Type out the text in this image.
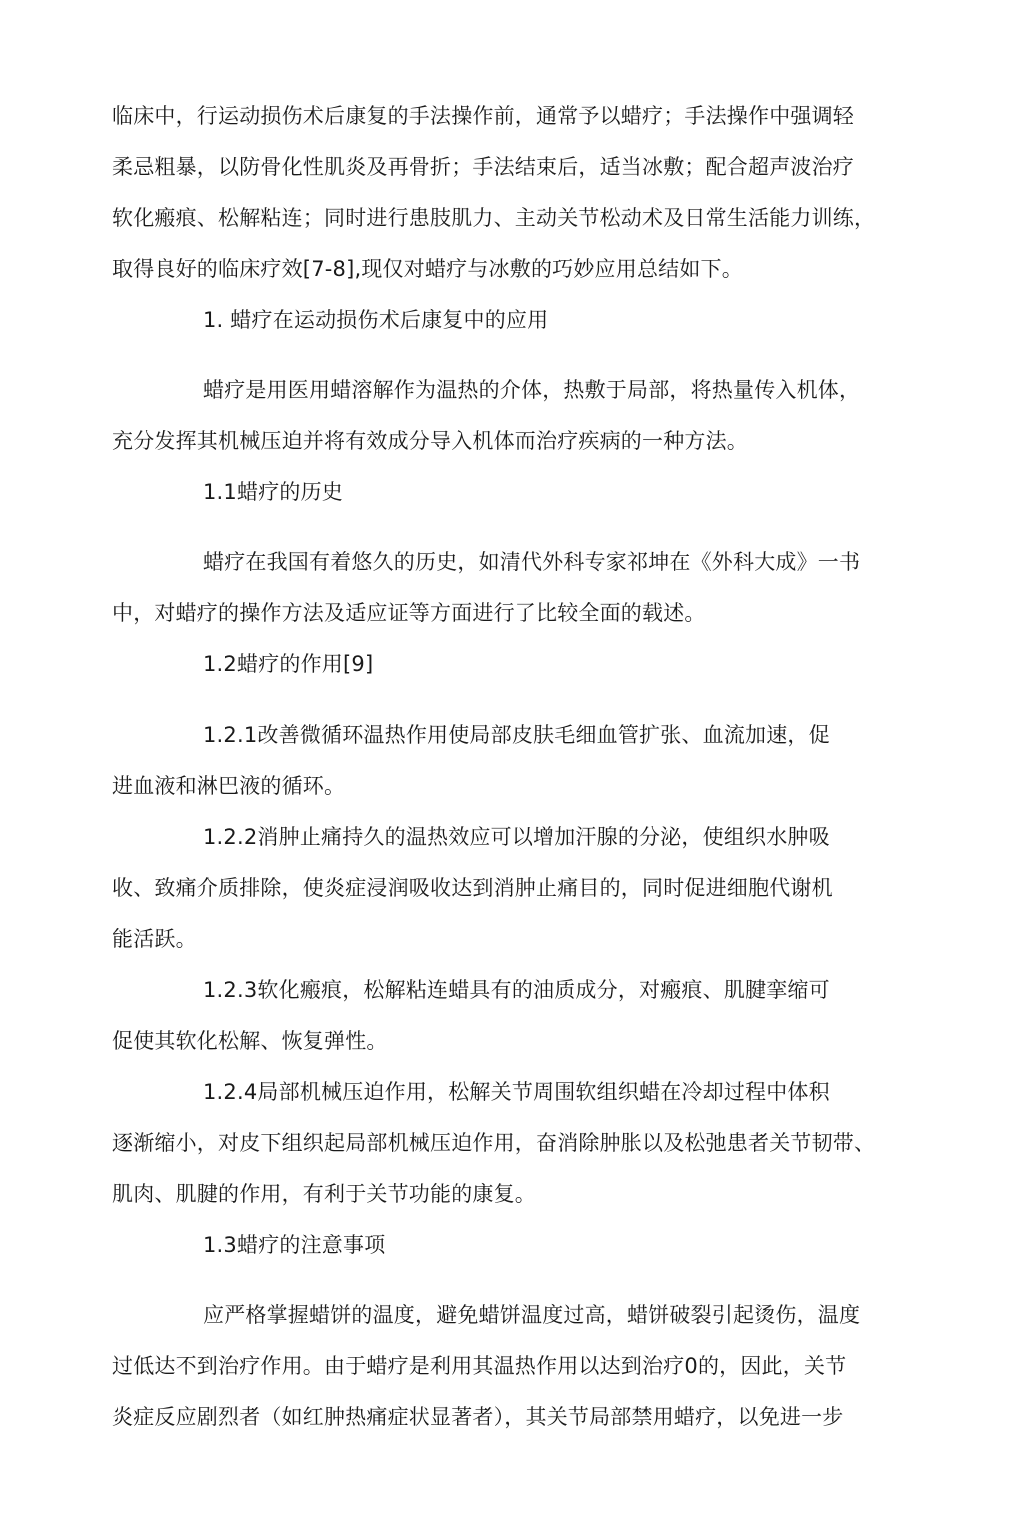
临床中，行运动损伤术后康复的手法操作前，通常予以蜡疗；手法操作中强调轻
柔忌粗暴，以防骨化性肌炎及再骨折；手法结束后，适当冰敷；配合超声波治疗
软化瘢痕、松解粘连；同时进行患肢肌力、主动关节松动术及日常生活能力训练，
取得良好的临床疗效[7-8],现仅对蜡疗与冰敷的巧妙应用总结如下。
1. 蜡疗在运动损伤术后康复中的应用
蜡疗是用医用蜡溶解作为温热的介体，热敷于局部，将热量传入机体，
充分发挥其机械压迫并将有效成分导入机体而治疗疾病的一种方法。
1.1蜡疗的历史
蜡疗在我国有着悠久的历史，如清代外科专家祁坤在《外科大成》一书
中，对蜡疗的操作方法及适应证等方面进行了比较全面的载述。
1.2蜡疗的作用[9]
1.2.1改善微循环温热作用使局部皮肤毛细血管扩张、血流加速，促
进血液和淋巴液的循环。
1.2.2消肿止痛持久的温热效应可以增加汗腺的分泌，使组织水肿吸
收、致痛介质排除，使炎症浸润吸收达到消肿止痛目的，同时促进细胞代谢机
能活跃。
1.2.3软化瘢痕，松解粘连蜡具有的油质成分，对瘢痕、肌腱挛缩可
促使其软化松解、恢复弹性。
1.2.4局部机械压迫作用，松解关节周围软组织蜡在冷却过程中体积
逐渐缩小，对皮下组织起局部机械压迫作用，奋消除肿胀以及松弛患者关节韧带、
肌肉、肌腱的作用，有利于关节功能的康复。
1.3蜡疗的注意事项
应严格掌握蜡饼的温度，避免蜡饼温度过高，蜡饼破裂引起烫伤，温度
过低达不到治疗作用。由于蜡疗是利用其温热作用以达到治疗0的，因此，关节
炎症反应剧烈者（如红肿热痛症状显著者），其关节局部禁用蜡疗，以免进一步
